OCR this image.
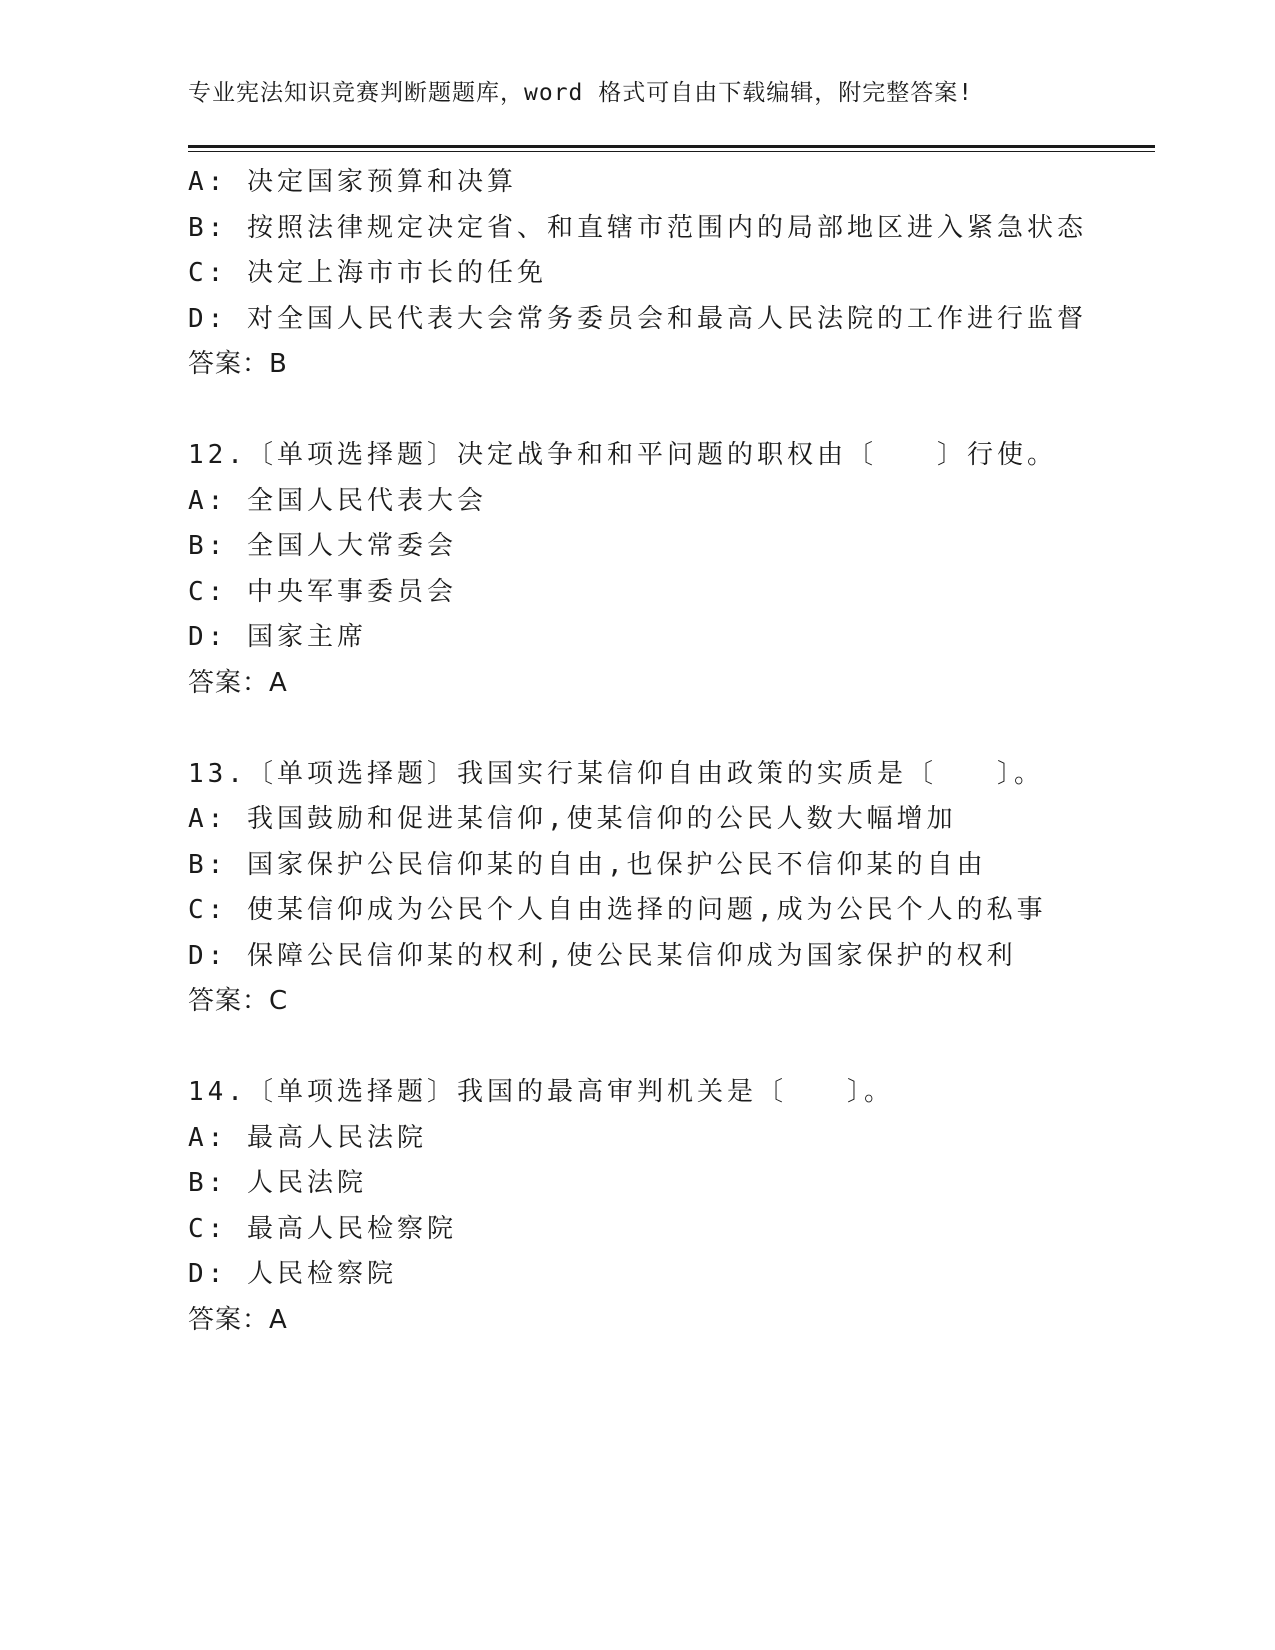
专业宪法知识竞赛判断题题库，word 格式可自由下载编辑，附完整答案!
A: 决定国家预算和决算
B: 按照法律规定决定省、和直辖市范围内的局部地区进入紧急状态
C: 决定上海市市长的任免
D: 对全国人民代表大会常务委员会和最高人民法院的工作进行监督
答案：B
12.〔单项选择题〕决定战争和和平问题的职权由〔　　〕行使。
A: 全国人民代表大会
B: 全国人大常委会
C: 中央军事委员会
D: 国家主席
答案：A
13.〔单项选择题〕我国实行某信仰自由政策的实质是〔　　〕。
A: 我国鼓励和促进某信仰,使某信仰的公民人数大幅增加
B: 国家保护公民信仰某的自由,也保护公民不信仰某的自由
C: 使某信仰成为公民个人自由选择的问题,成为公民个人的私事
D: 保障公民信仰某的权利,使公民某信仰成为国家保护的权利
答案：C
14.〔单项选择题〕我国的最高审判机关是〔　　〕。
A: 最高人民法院
B: 人民法院
C: 最高人民检察院
D: 人民检察院
答案：A
